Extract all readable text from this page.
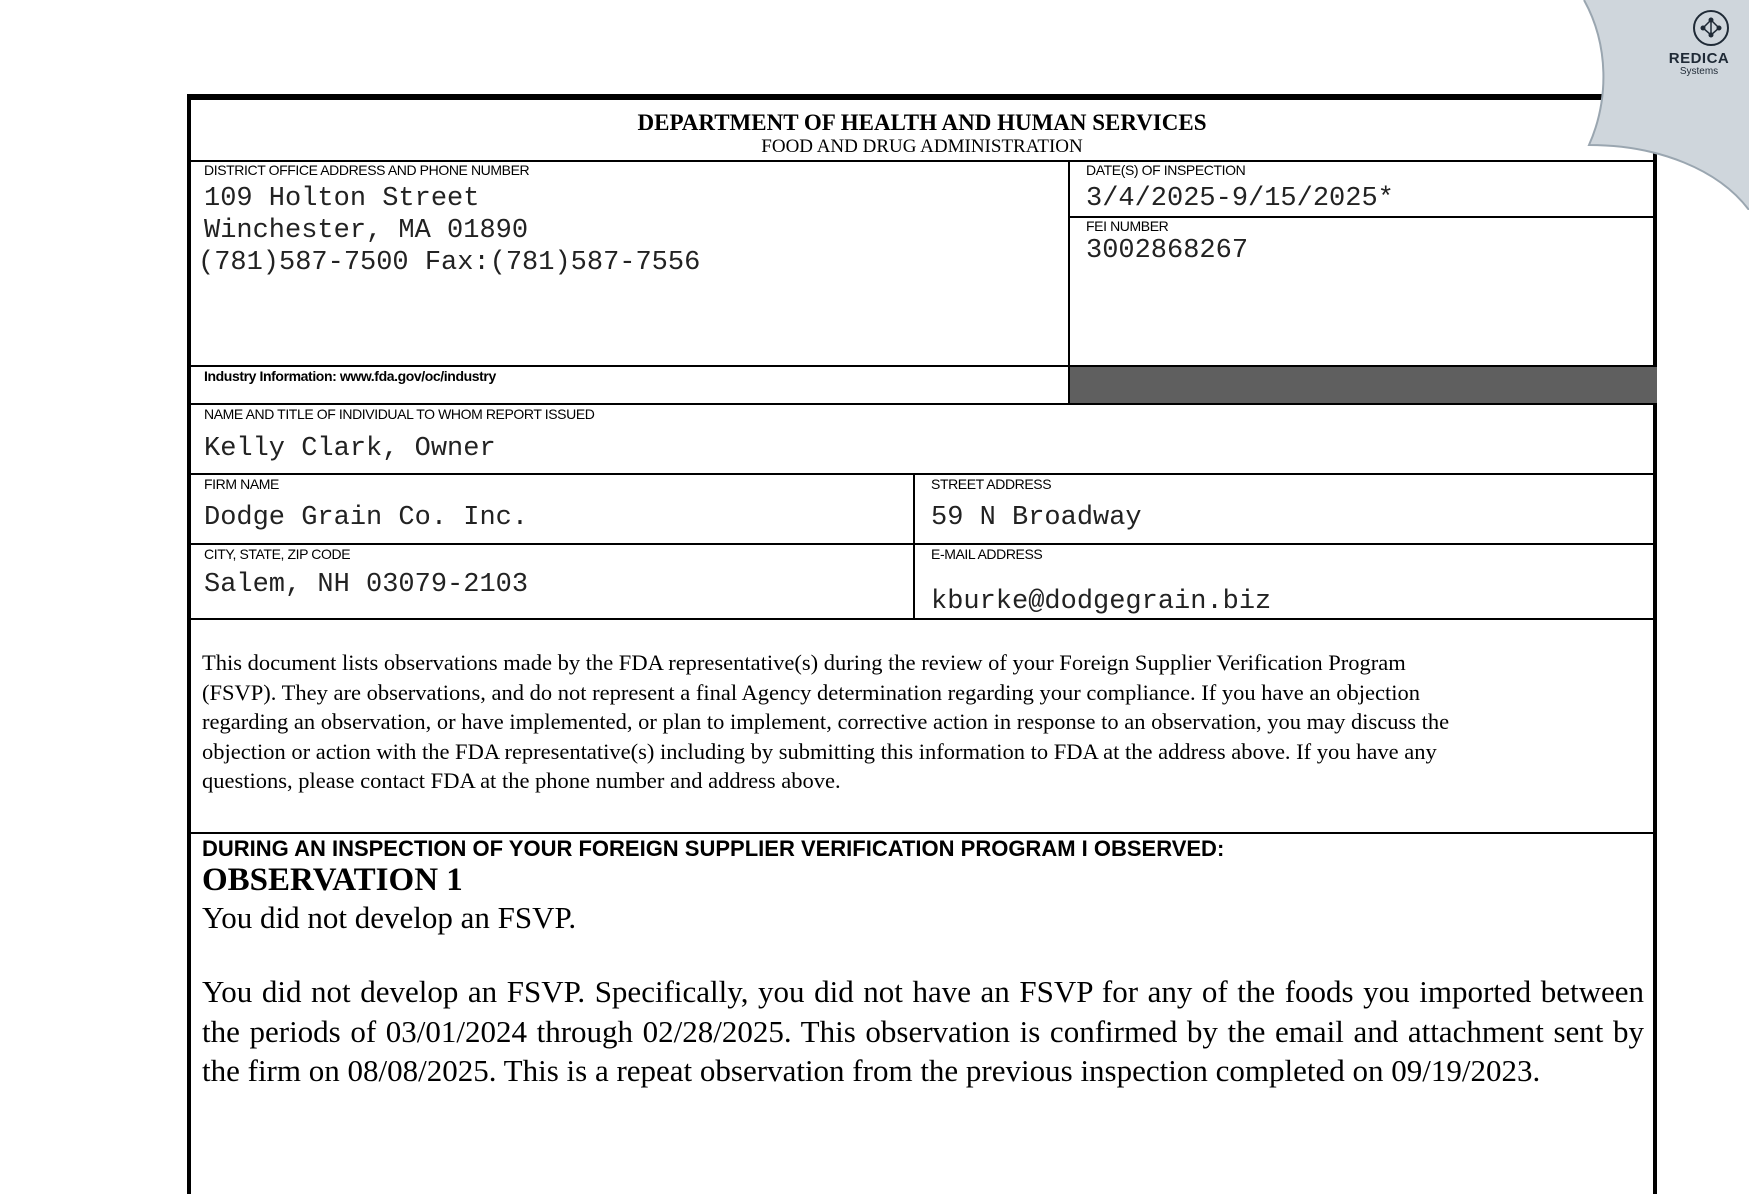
DEPARTMENT OF HEALTH AND HUMAN SERVICES
FOOD AND DRUG ADMINISTRATION
DISTRICT OFFICE ADDRESS AND PHONE NUMBER
109 Holton Street
Winchester, MA 01890
(781)587-7500 Fax:(781)587-7556
DATE(S) OF INSPECTION
3/4/2025-9/15/2025*
FEI NUMBER
3002868267
Industry Information: www.fda.gov/oc/industry
NAME AND TITLE OF INDIVIDUAL TO WHOM REPORT ISSUED
Kelly Clark, Owner
FIRM NAME
Dodge Grain Co. Inc.
STREET ADDRESS
59 N Broadway
CITY, STATE, ZIP CODE
Salem, NH 03079-2103
E-MAIL ADDRESS
kburke@dodgegrain.biz
This document lists observations made by the FDA representative(s) during the review of your Foreign Supplier Verification Program
(FSVP). They are observations, and do not represent a final Agency determination regarding your compliance. If you have an objection
regarding an observation, or have implemented, or plan to implement, corrective action in response to an observation, you may discuss the
objection or action with the FDA representative(s) including by submitting this information to FDA at the address above. If you have any
questions, please contact FDA at the phone number and address above.
DURING AN INSPECTION OF YOUR FOREIGN SUPPLIER VERIFICATION PROGRAM I OBSERVED:
OBSERVATION 1
You did not develop an FSVP.
You did not develop an FSVP. Specifically, you did not have an FSVP for any of the foods you imported between the periods of 03/01/2024 through 02/28/2025. This observation is confirmed by the email and attachment sent by the firm on 08/08/2025. This is a repeat observation from the previous inspection completed on 09/19/2023.
REDICA
Systems
